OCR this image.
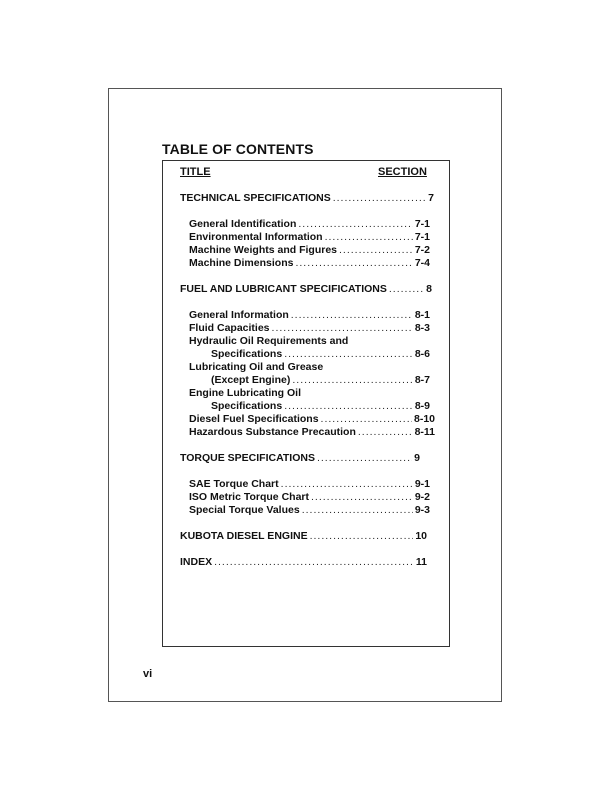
TABLE OF CONTENTS
TITLE	SECTION
TECHNICAL SPECIFICATIONS .....	7
General Identification .....	7-1
Environmental Information .....	7-1
Machine Weights and Figures .....	7-2
Machine Dimensions .....	7-4
FUEL AND LUBRICANT SPECIFICATIONS .....	8
General Information .....	8-1
Fluid Capacities .....	8-3
Hydraulic Oil Requirements and
Specifications .....	8-6
Lubricating Oil and Grease
(Except Engine) .....	8-7
Engine Lubricating Oil
Specifications .....	8-9
Diesel Fuel Specifications .....	8-10
Hazardous Substance Precaution .....	8-11
TORQUE SPECIFICATIONS .....	9
SAE Torque Chart .....	9-1
ISO Metric Torque Chart .....	9-2
Special Torque Values .....	9-3
KUBOTA DIESEL ENGINE .....	10
INDEX .....	11
vi
